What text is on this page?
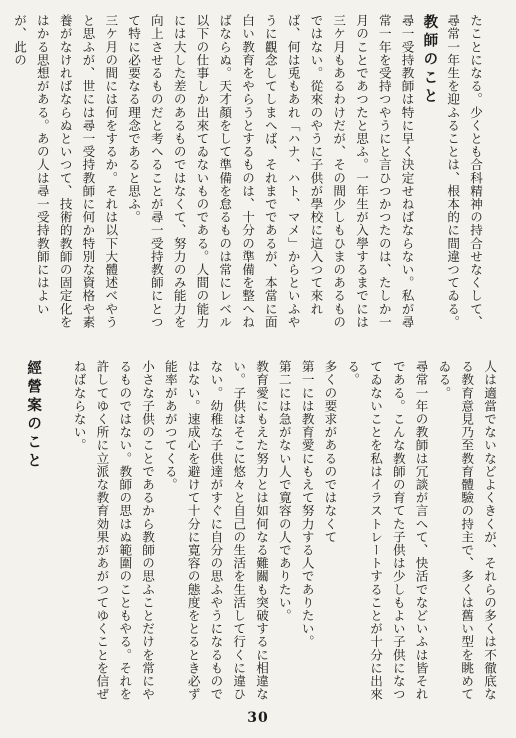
たことになる。少くとも合科精神の持合せなくして、尋常一年生を迎ふることは、根本的に間違つてゐる。
教師のこと
尋一受持教師は特に早く決定せねばならない。私が尋常一年を受持つやうにと言ひつかつたのは、たしか一月のことであつたと思ふ。一年生が入學するまでには三ケ月もあるわけだが、その間少しもひまのあるものではない。從來のやうに子供が學校に這入つて來れば、何は兎もあれ「ハナ、ハト、マメ」からといふやうに觀念してしまへば、それまでであるが、本當に面白い教育をやらうとするものは、十分の準備を整へねばならぬ。天才顏をして準備を怠るものは常にレベル以下の仕事しか出來てゐないものである。人間の能力には大した差のあるものではなくて、努力のみ能力を向上させるものだと考へることが尋一受持教師にとつて特に必要なる理念であると思ふ。
三ケ月の間には何をするか。それは以下大體述べやうと思ふが、世には尋一受持教師に何か特別な資格や素養がなければならぬといつて、技術的教師の固定化をはかる思想がある。あの人は尋一受持教師にはよいが、此の
人は適當でないなどよくきくが、それらの多くは不徹底なる教育意見乃至教育體驗の持主で、多くは舊い型を眺めてゐる。
尋常一年の教師は冗談が言へて、快活でなどいふは皆それである。こんな教師の育てた子供は少しもよい子供になつてゐないことを私はイラストレートすることが十分に出來る。
多くの要求があるのではなくて
第一には教育愛にもえて努力する人でありたい。
第二には急がない人で寛容の人でありたい。
教育愛にもえた努力とは如何なる難關も突破するに相違ない。子供はそこに悠々と自己の生活を生活して行くに違ひない。幼稚な子供達がすぐに自分の思ふやうになるものではない。速成心を避けて十分に寛容の態度をとるとき必ず能率があがつてくる。
小さな子供のことであるから教師の思ふことだけを常にやるものではない。教師の思はぬ範圍のこともやる。それを許してゆく所に立派な教育効果があがつてゆくことを信ぜねばならない。

經營案のこと
30
